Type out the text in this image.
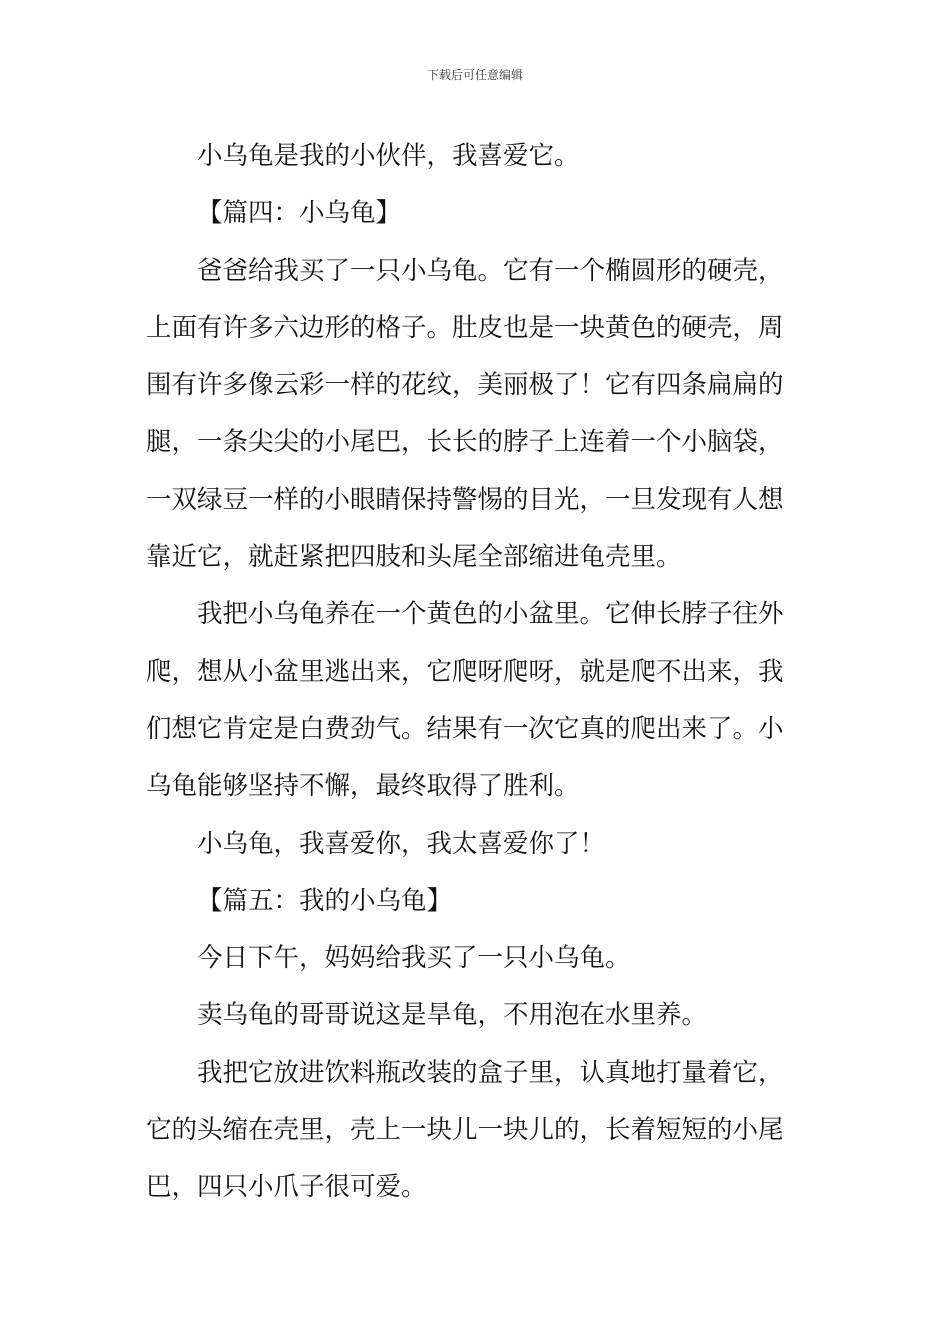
下载后可任意编辑

小乌龟是我的小伙伴，我喜爱它。

【篇四：小乌龟】

爸爸给我买了一只小乌龟。它有一个椭圆形的硬壳，上面有许多六边形的格子。肚皮也是一块黄色的硬壳，周围有许多像云彩一样的花纹，美丽极了！它有四条扁扁的腿，一条尖尖的小尾巴，长长的脖子上连着一个小脑袋，一双绿豆一样的小眼睛保持警惕的目光，一旦发现有人想靠近它，就赶紧把四肢和头尾全部缩进龟壳里。

我把小乌龟养在一个黄色的小盆里。它伸长脖子往外爬，想从小盆里逃出来，它爬呀爬呀，就是爬不出来，我们想它肯定是白费劲气。结果有一次它真的爬出来了。小乌龟能够坚持不懈，最终取得了胜利。

小乌龟，我喜爱你，我太喜爱你了！

【篇五：我的小乌龟】

今日下午，妈妈给我买了一只小乌龟。

卖乌龟的哥哥说这是旱龟，不用泡在水里养。

我把它放进饮料瓶改装的盒子里，认真地打量着它，它的头缩在壳里，壳上一块儿一块儿的，长着短短的小尾巴，四只小爪子很可爱。
